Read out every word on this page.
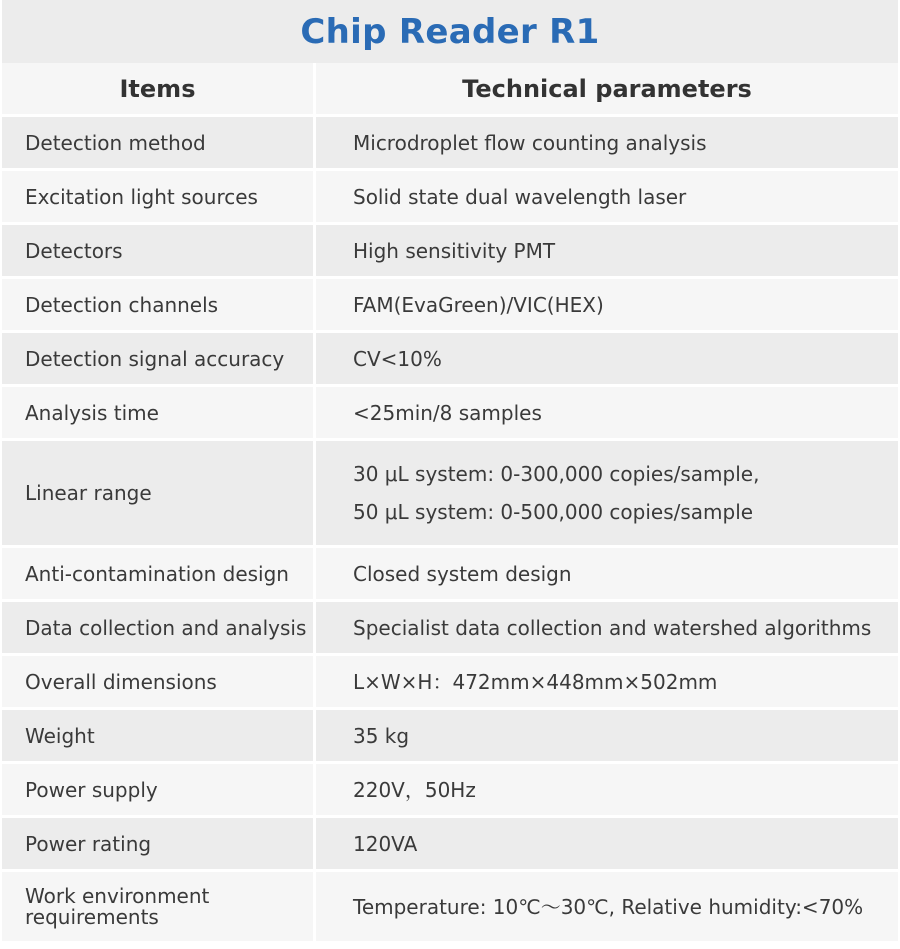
Chip Reader R1
Items	Technical parameters
Detection method	Microdroplet flow counting analysis
Excitation light sources	Solid state dual wavelength laser
Detectors	High sensitivity PMT
Detection channels	FAM(EvaGreen)/VIC(HEX)
Detection signal accuracy	CV<10%
Analysis time	<25min/8 samples
Linear range	30 μL system: 0-300,000 copies/sample,
50 μL system: 0-500,000 copies/sample

Anti-contamination design	Closed system design
Data collection and analysis	Specialist data collection and watershed algorithms
Overall dimensions	L×W×H：472mm×448mm×502mm
Weight	35 kg
Power supply	220V，50Hz
Power rating	120VA

Work environment
requirements	Temperature: 10℃～30℃, Relative humidity:<70%
